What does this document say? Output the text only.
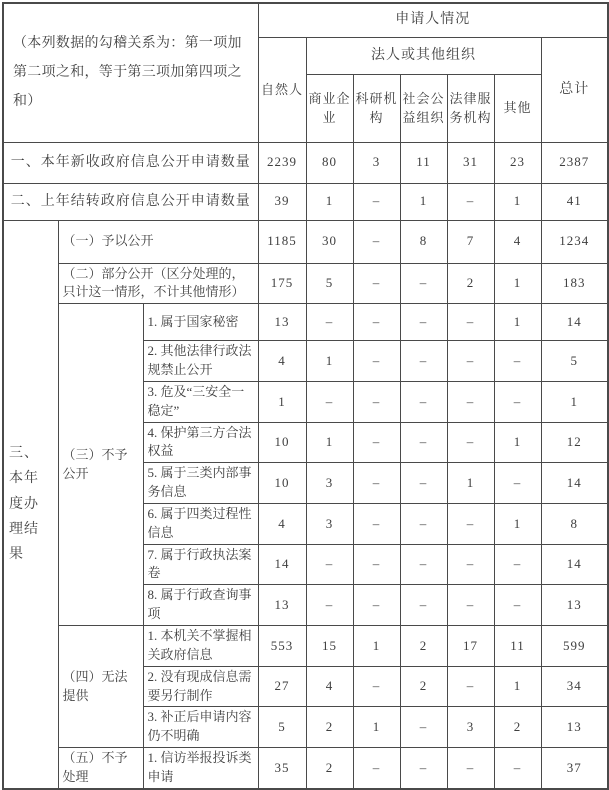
（本列数据的勾稽关系为：第一项加第二项之和，等于第三项加第四项之和）			申请人情况						
			自然人	法人或其他组织					总计
				商业企业	科研机构	社会公益组织	法律服务机构	其他	
一、本年新收政府信息公开申请数量			2239	80	3	11	31	23	2387
二、上年结转政府信息公开申请数量			39	1	–	1	–	1	41
三、本年度办理结果	（一）予以公开		1185	30	–	8	7	4	1234
	（二）部分公开（区分处理的，只计这一情形，不计其他情形）		175	5	–	–	2	1	183
	（三）不予公开	1. 属于国家秘密	13	–	–	–	–	1	14
		2. 其他法律行政法规禁止公开	4	1	–	–	–	–	5
		3. 危及“三安全一稳定”	1	–	–	–	–	–	1
		4. 保护第三方合法权益	10	1	–	–	–	1	12
		5. 属于三类内部事务信息	10	3	–	–	1	–	14
		6. 属于四类过程性信息	4	3	–	–	–	1	8
		7. 属于行政执法案卷	14	–	–	–	–	–	14
		8. 属于行政查询事项	13	–	–	–	–	–	13
	（四）无法提供	1. 本机关不掌握相关政府信息	553	15	1	2	17	11	599
		2. 没有现成信息需要另行制作	27	4	–	2	–	1	34
		3. 补正后申请内容仍不明确	5	2	1	–	3	2	13
	（五）不予处理	1. 信访举报投诉类申请	35	2	–	–	–	–	37
